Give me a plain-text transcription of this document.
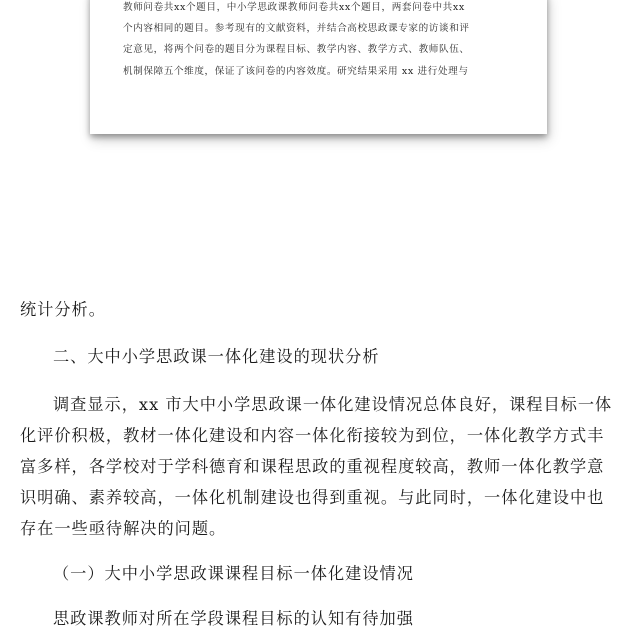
教师问卷共xx个题目，中小学思政课教师问卷共xx个题目，两套问卷中共xx
个内容相同的题目。参考现有的文献资料，并结合高校思政课专家的访谈和评
定意见，将两个问卷的题目分为课程目标、教学内容、教学方式、教师队伍、
机制保障五个维度，保证了该问卷的内容效度。研究结果采用 xx 进行处理与
统计分析。
二、大中小学思政课一体化建设的现状分析
调查显示，xx 市大中小学思政课一体化建设情况总体良好，课程目标一体
化评价积极，教材一体化建设和内容一体化衔接较为到位，一体化教学方式丰
富多样，各学校对于学科德育和课程思政的重视程度较高，教师一体化教学意
识明确、素养较高，一体化机制建设也得到重视。与此同时，一体化建设中也
存在一些亟待解决的问题。
（一）大中小学思政课课程目标一体化建设情况
思政课教师对所在学段课程目标的认知有待加强
